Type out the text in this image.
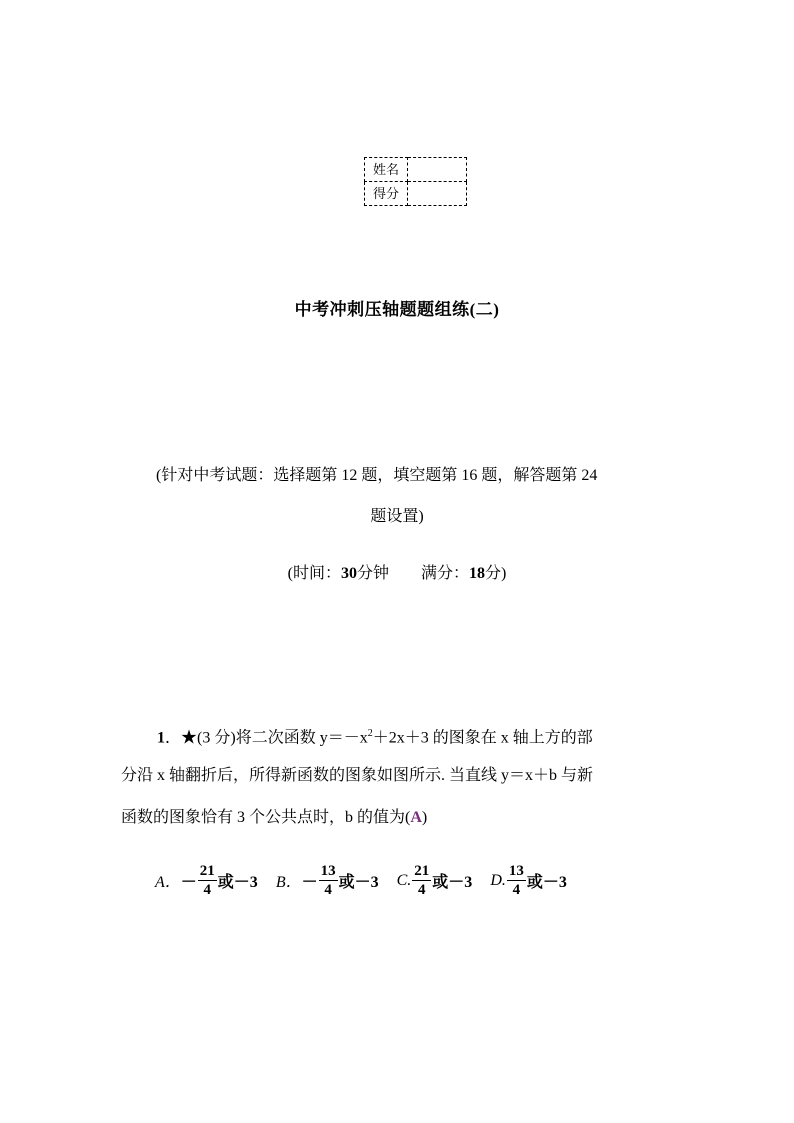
姓名	
得分	
中考冲刺压轴题题组练(二)
(针对中考试题：选择题第 12 题，填空题第 16 题，解答题第 24
题设置)
(时间：30分钟 满分：18分)
1．★(3 分)将二次函数 $y=-x^2+2x+3$ 的图象在 x 轴上方的部
分沿 x 轴翻折后，所得新函数的图象如图所示. 当直线 y＝x＋b 与新
函数的图象恰有 3 个公共点时，b 的值为(A)
A． － $\frac{21}{4}$ 或－3 B． － $\frac{13}{4}$ 或－3 C. $\frac{21}{4}$ 或－3 D. $\frac{13}{4}$ 或－3
